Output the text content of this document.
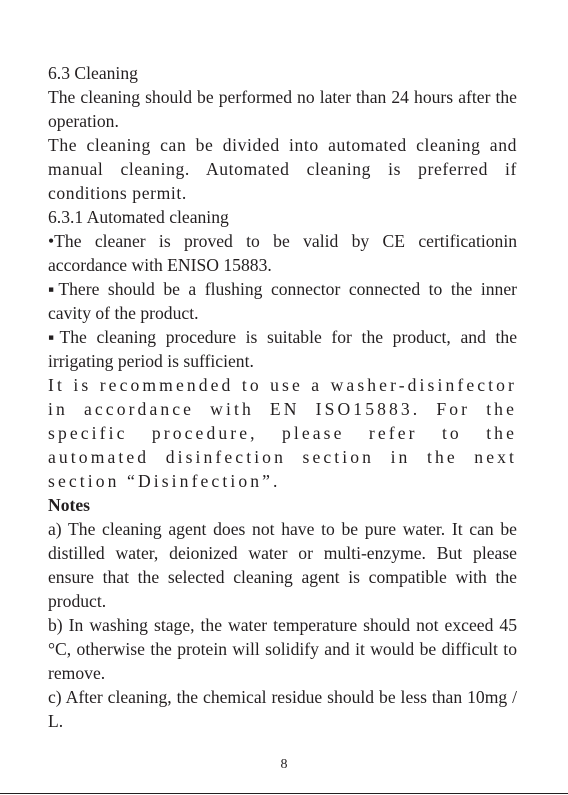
6.3 Cleaning

The cleaning should be performed no later than 24 hours after the operation.

The cleaning can be divided into automated cleaning and manual cleaning. Automated cleaning is preferred if conditions permit.

6.3.1 Automated cleaning

•The cleaner is proved to be valid by CE certificationin accordance with ENISO 15883.

▪There should be a flushing connector connected to the inner cavity of the product.

▪The cleaning procedure is suitable for the product, and the irrigating period is sufficient.

It is recommended to use a washer-disinfector in accordance with EN ISO15883. For the specific procedure, please refer to the automated disinfection section in the next section “Disinfection”.

Notes

a) The cleaning agent does not have to be pure water. It can be distilled water, deionized water or multi-enzyme. But please ensure that the selected cleaning agent is compatible with the product.

b) In washing stage, the water temperature should not exceed 45 °C, otherwise the protein will solidify and it would be difficult to remove.

c) After cleaning, the chemical residue should be less than 10mg / L.

8
